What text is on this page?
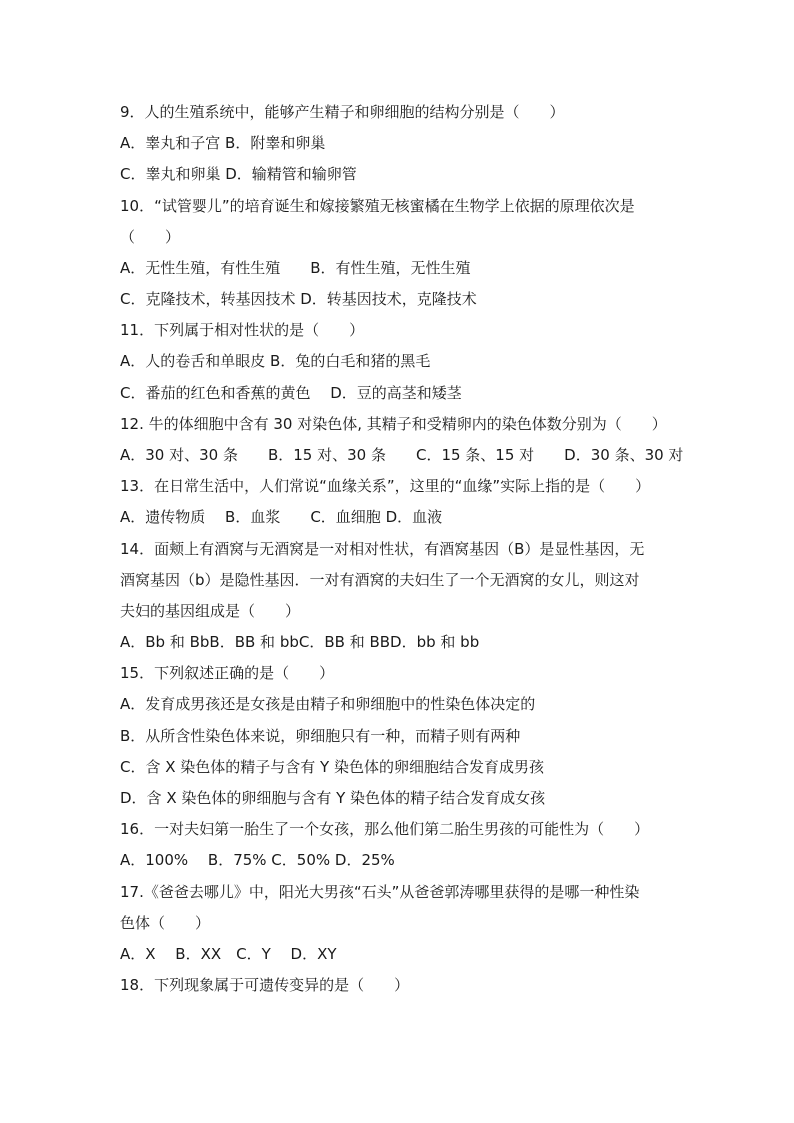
9．人的生殖系统中，能够产生精子和卵细胞的结构分别是（　　）
A．睾丸和子宫 B．附睾和卵巢
C．睾丸和卵巢 D．输精管和输卵管
10．“试管婴儿”的培育诞生和嫁接繁殖无核蜜橘在生物学上依据的原理依次是
（　　）
A．无性生殖，有性生殖　　B．有性生殖，无性生殖
C．克隆技术，转基因技术 D．转基因技术，克隆技术
11．下列属于相对性状的是（　　）
A．人的卷舌和单眼皮 B．兔的白毛和猪的黑毛
C．番茄的红色和香蕉的黄色　 D．豆的高茎和矮茎
12. 牛的体细胞中含有 30 对染色体, 其精子和受精卵内的染色体数分别为（　　）
A．30 对、30 条　　B．15 对、30 条　　C．15 条、15 对　　D．30 条、30 对
13．在日常生活中，人们常说“血缘关系”，这里的“血缘”实际上指的是（　　）
A．遗传物质　 B．血浆　　C．血细胞 D．血液
14．面颊上有酒窝与无酒窝是一对相对性状，有酒窝基因（B）是显性基因，无
酒窝基因（b）是隐性基因．一对有酒窝的夫妇生了一个无酒窝的女儿，则这对
夫妇的基因组成是（　　）
A．Bb 和 BbB．BB 和 bbC．BB 和 BBD．bb 和 bb
15．下列叙述正确的是（　　）
A．发育成男孩还是女孩是由精子和卵细胞中的性染色体决定的
B．从所含性染色体来说，卵细胞只有一种，而精子则有两种
C．含 X 染色体的精子与含有 Y 染色体的卵细胞结合发育成男孩
D．含 X 染色体的卵细胞与含有 Y 染色体的精子结合发育成女孩
16．一对夫妇第一胎生了一个女孩，那么他们第二胎生男孩的可能性为（　　）
A．100%　 B．75% C．50% D．25%
17.《爸爸去哪儿》中，阳光大男孩“石头”从爸爸郭涛哪里获得的是哪一种性染
色体（　　）
A．X　 B．XX　C．Y　 D．XY
18．下列现象属于可遗传变异的是（　　）
